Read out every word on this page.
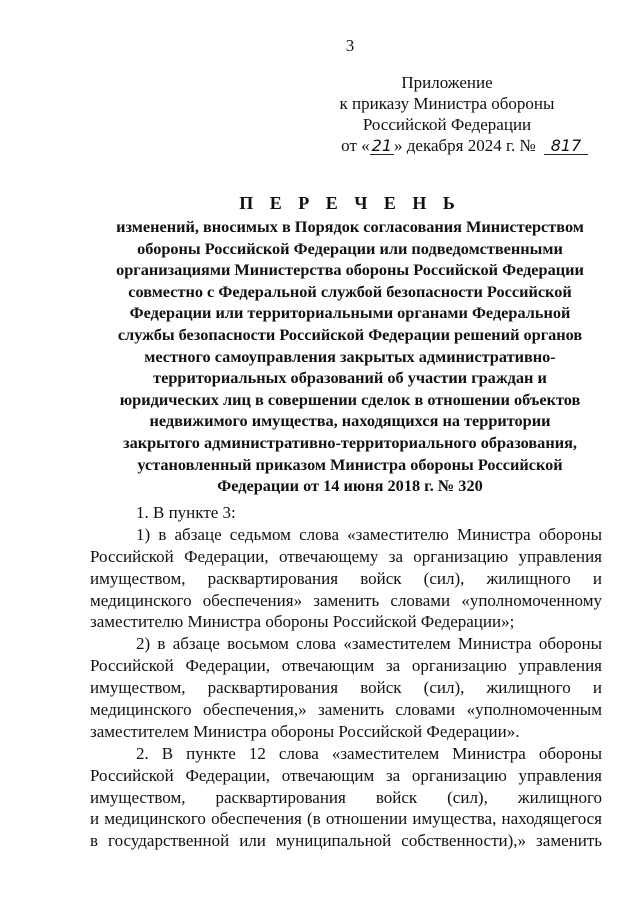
3
Приложение
к приказу Министра обороны
Российской Федерации
от « 21 » декабря 2024 г. № 817
П Е Р Е Ч Е Н Ь
изменений, вносимых в Порядок согласования Министерством
обороны Российской Федерации или подведомственными
организациями Министерства обороны Российской Федерации
совместно с Федеральной службой безопасности Российской
Федерации или территориальными органами Федеральной
службы безопасности Российской Федерации решений органов
местного самоуправления закрытых административно-
территориальных образований об участии граждан и
юридических лиц в совершении сделок в отношении объектов
недвижимого имущества, находящихся на территории
закрытого административно-территориального образования,
установленный приказом Министра обороны Российской
Федерации от 14 июня 2018 г. № 320
1. В пункте 3:
1) в абзаце седьмом слова «заместителю Министра обороны
Российской Федерации, отвечающему за организацию управления
имуществом, расквартирования войск (сил), жилищного и
медицинского обеспечения» заменить словами «уполномоченному
заместителю Министра обороны Российской Федерации»;
2) в абзаце восьмом слова «заместителем Министра обороны
Российской Федерации, отвечающим за организацию управления
имуществом, расквартирования войск (сил), жилищного и
медицинского обеспечения,» заменить словами «уполномоченным
заместителем Министра обороны Российской Федерации».
2. В пункте 12 слова «заместителем Министра обороны
Российской Федерации, отвечающим за организацию управления
имуществом, расквартирования войск (сил), жилищного
и медицинского обеспечения (в отношении имущества, находящегося
в государственной или муниципальной собственности),» заменить
